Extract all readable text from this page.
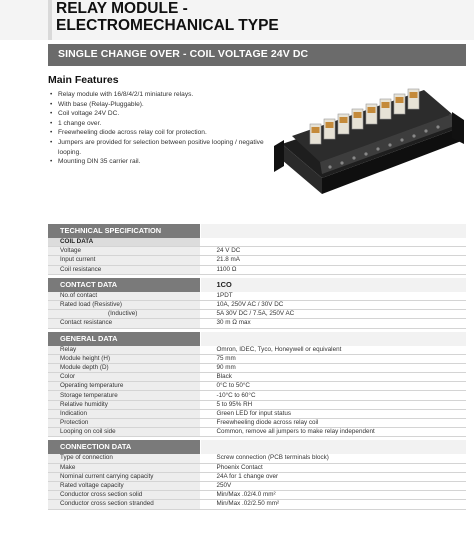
RELAY MODULE -
ELECTROMECHANICAL TYPE
SINGLE CHANGE OVER - COIL VOLTAGE 24V DC
Main Features
• Relay module with 16/8/4/2/1 miniature relays.
• With base (Relay-Pluggable).
• Coil voltage 24V DC.
• 1 change over.
• Freewheeling diode across relay coil for protection.
• Jumpers are provided for selection between positive looping / negative looping.
• Mounting DIN 35 carrier rail.
TECHNICAL SPECIFICATION	
COIL DATA	
Voltage	24 V DC
Input current	21.8 mA
Coil resistance	1100 Ω

CONTACT DATA	1CO
No.of contact	1PDT
Rated load (Resistive)	10A, 250V AC / 30V DC
(Inductive)	5A 30V DC / 7.5A, 250V AC
Contact resistance	30 m Ω max

GENERAL DATA	
Relay	Omron, IDEC, Tyco, Honeywell or equivalent
Module height (H)	75 mm
Module depth (D)	90 mm
Color	Black
Operating temperature	0°C to 50°C
Storage temperature	-10°C to 60°C
Relative humidity	5 to 95% RH
Indication	Green LED for input status
Protection	Freewheeling diode across relay coil
Looping on coil side	Common, remove all jumpers to make relay independent

CONNECTION DATA	
Type of connection	Screw connection (PCB terminals block)
Make	Phoenix Contact
Nominal current carrying capacity	24A for 1 change over
Rated voltage capacity	250V
Conductor cross section solid	Min/Max .02/4.0 mm²
Conductor cross section stranded	Min/Max .02/2.50 mm²
